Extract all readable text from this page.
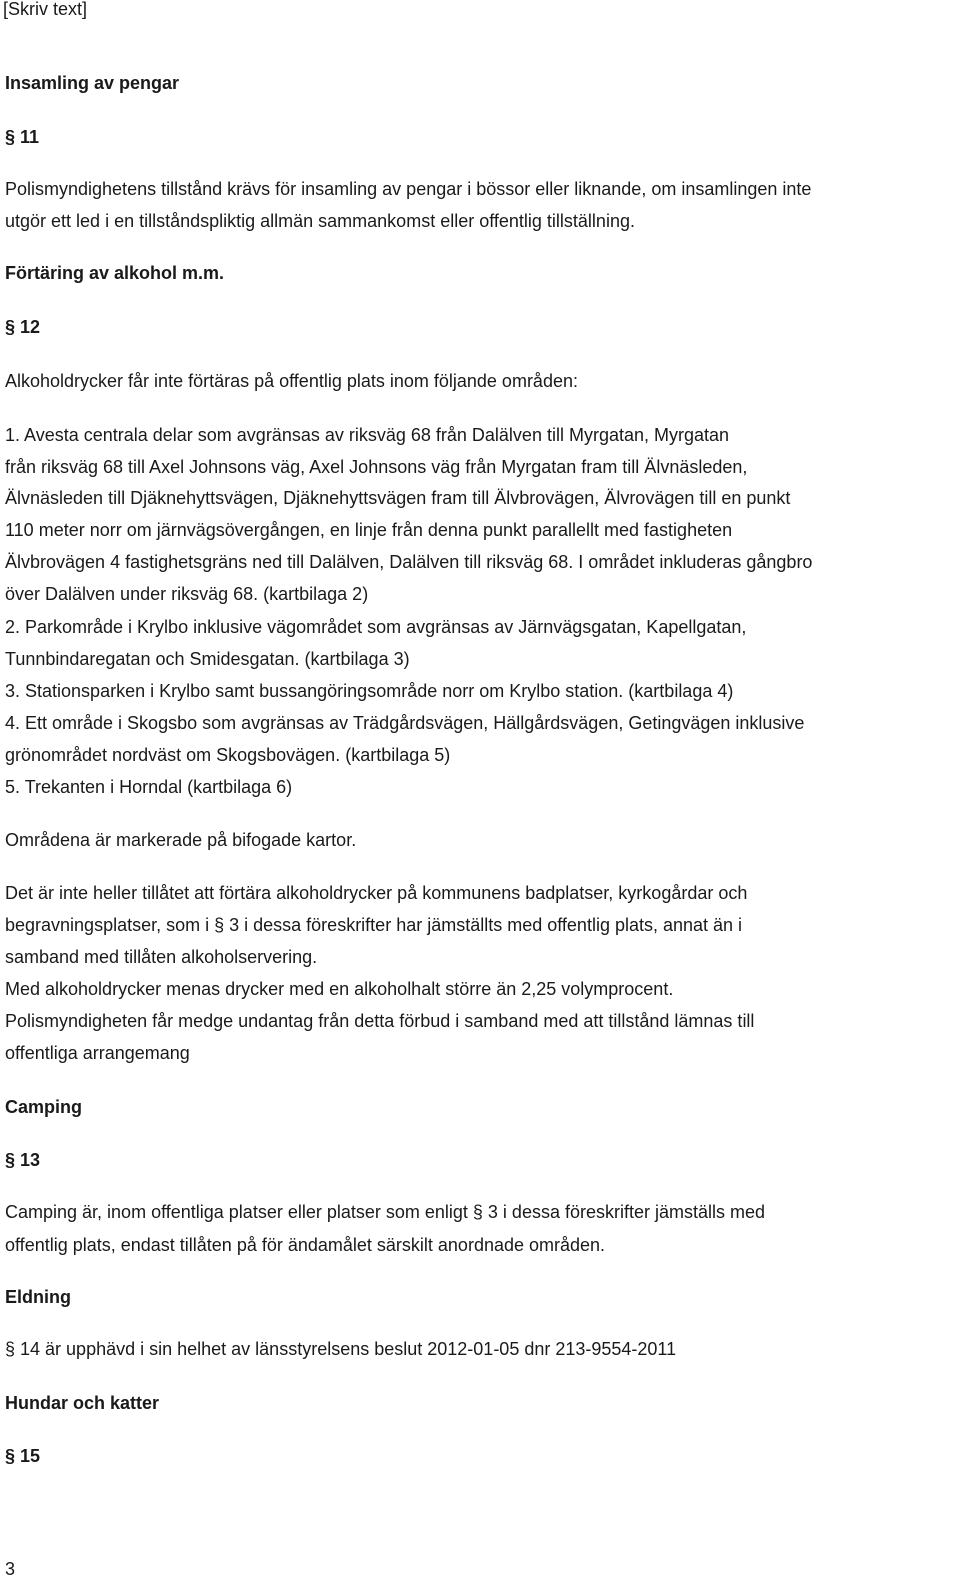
[Skriv text]
Insamling av pengar
§ 11
Polismyndighetens tillstånd krävs för insamling av pengar i bössor eller liknande, om insamlingen inte
utgör ett led i en tillståndspliktig allmän sammankomst eller offentlig tillställning.
Förtäring av alkohol m.m.
§ 12
Alkoholdrycker får inte förtäras på offentlig plats inom följande områden:
1. Avesta centrala delar som avgränsas av riksväg 68 från Dalälven till Myrgatan, Myrgatan
från riksväg 68 till Axel Johnsons väg, Axel Johnsons väg från Myrgatan fram till Älvnäsleden,
Älvnäsleden till Djäknehyttsvägen, Djäknehyttsvägen fram till Älvbrovägen, Älvrovägen till en punkt
110 meter norr om järnvägsövergången, en linje från denna punkt parallellt med fastigheten
Älvbrovägen 4 fastighetsgräns ned till Dalälven, Dalälven till riksväg 68. I området inkluderas gångbro
över Dalälven under riksväg 68. (kartbilaga 2)
2. Parkområde i Krylbo inklusive vägområdet som avgränsas av Järnvägsgatan, Kapellgatan,
Tunnbindaregatan och Smidesgatan. (kartbilaga 3)
3. Stationsparken i Krylbo samt bussangöringsområde norr om Krylbo station. (kartbilaga 4)
4. Ett område i Skogsbo som avgränsas av Trädgårdsvägen, Hällgårdsvägen, Getingvägen inklusive
grönområdet nordväst om Skogsbovägen. (kartbilaga 5)
5. Trekanten i Horndal (kartbilaga 6)
Områdena är markerade på bifogade kartor.
Det är inte heller tillåtet att förtära alkoholdrycker på kommunens badplatser, kyrkogårdar och
begravningsplatser, som i § 3 i dessa föreskrifter har jämställts med offentlig plats, annat än i
samband med tillåten alkoholservering.
Med alkoholdrycker menas drycker med en alkoholhalt större än 2,25 volymprocent.
Polismyndigheten får medge undantag från detta förbud i samband med att tillstånd lämnas till
offentliga arrangemang
Camping
§ 13
Camping är, inom offentliga platser eller platser som enligt § 3 i dessa föreskrifter jämställs med
offentlig plats, endast tillåten på för ändamålet särskilt anordnade områden.
Eldning
§ 14 är upphävd i sin helhet av länsstyrelsens beslut 2012-01-05 dnr 213-9554-2011
Hundar och katter
§ 15
3
